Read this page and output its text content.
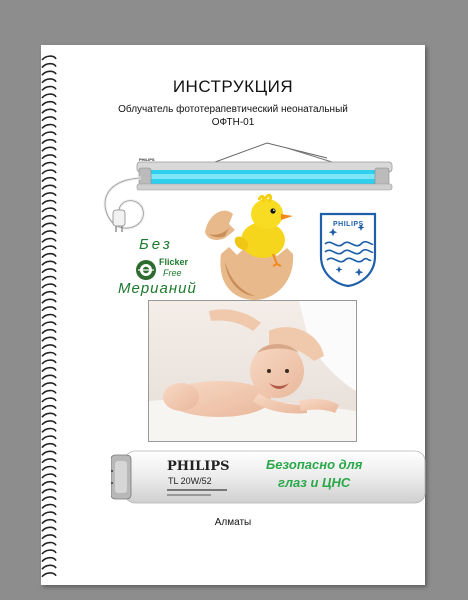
ИНСТРУКЦИЯ
Облучатель фототерапевтический неонатальный
ОФТН-01
PHILIPS
PHILIPS
Без
Flicker
Free
Мерианий
PHILIPS
TL 20W/52
Безопасно для
глаз и ЦНС
Алматы
